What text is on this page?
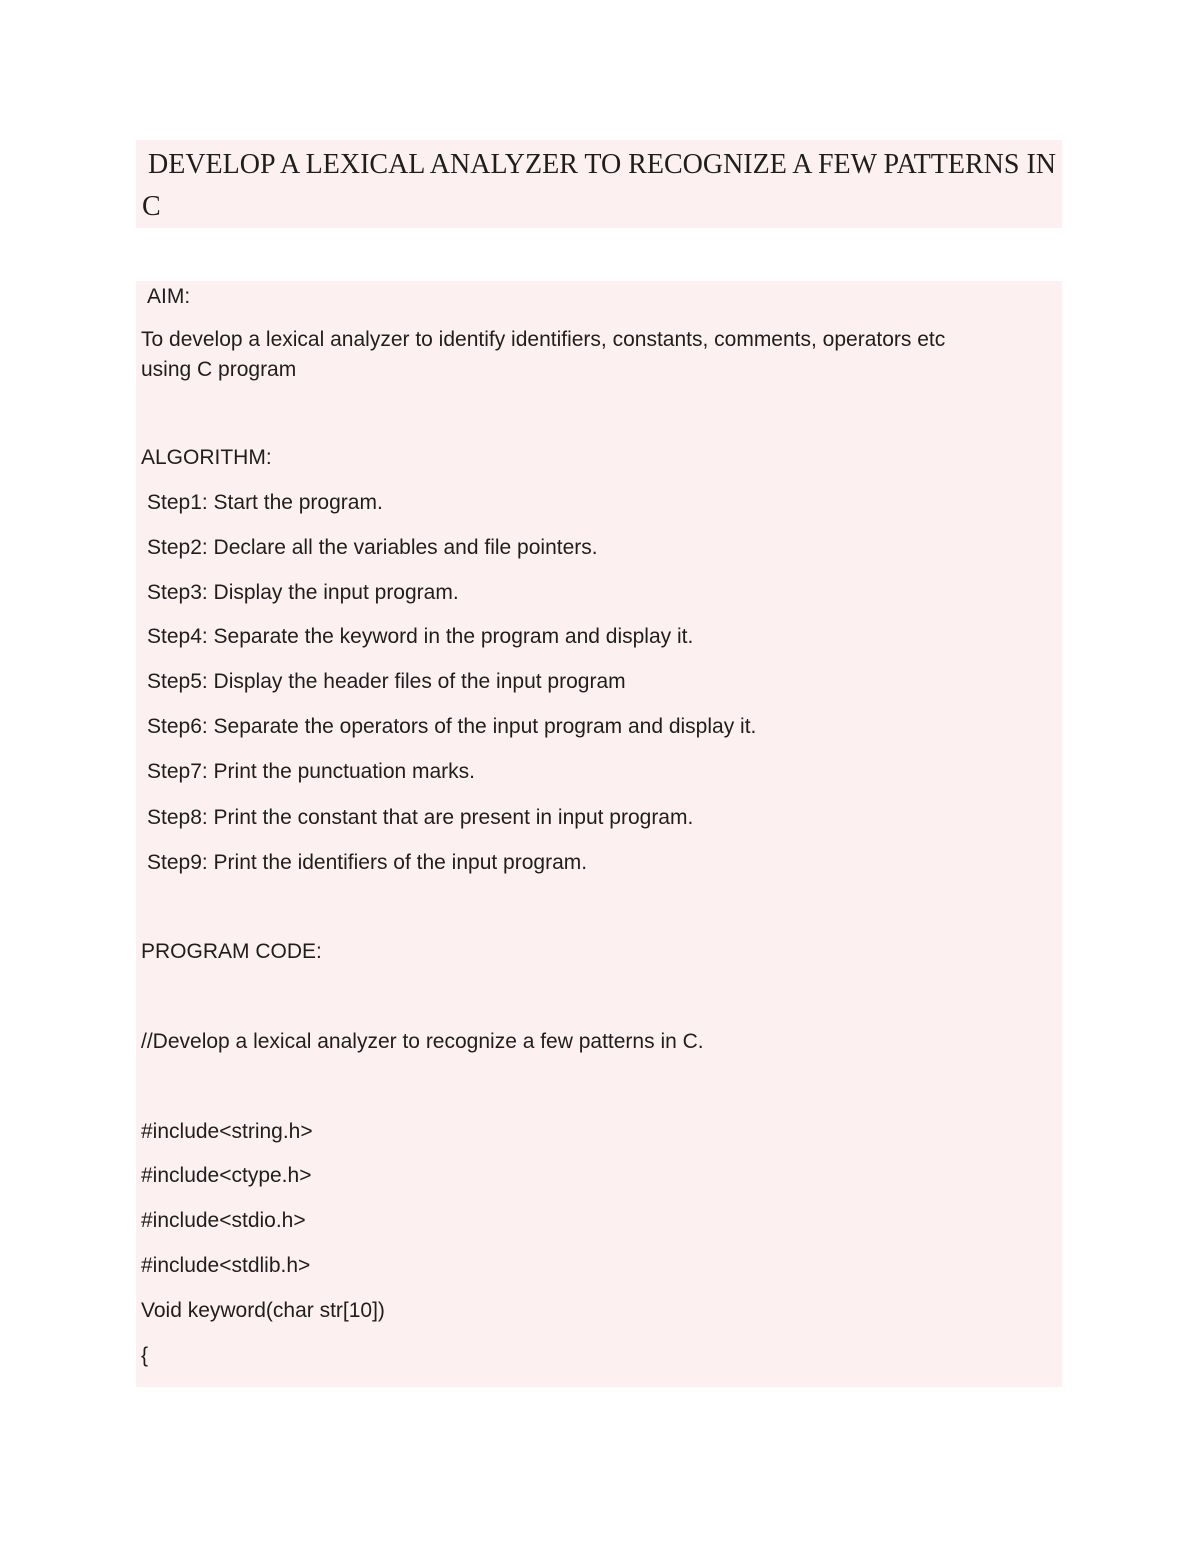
DEVELOP A LEXICAL ANALYZER TO RECOGNIZE A FEW PATTERNS IN C

AIM:

To develop a lexical analyzer to identify identifiers, constants, comments, operators etc

using C program

ALGORITHM:

Step1: Start the program.

Step2: Declare all the variables and file pointers.

Step3: Display the input program.

Step4: Separate the keyword in the program and display it.

Step5: Display the header files of the input program

Step6: Separate the operators of the input program and display it.

Step7: Print the punctuation marks.

Step8: Print the constant that are present in input program.

Step9: Print the identifiers of the input program.

PROGRAM CODE:

//Develop a lexical analyzer to recognize a few patterns in C.

#include<string.h>

#include<ctype.h>

#include<stdio.h>

#include<stdlib.h>

Void keyword(char str[10])

{
